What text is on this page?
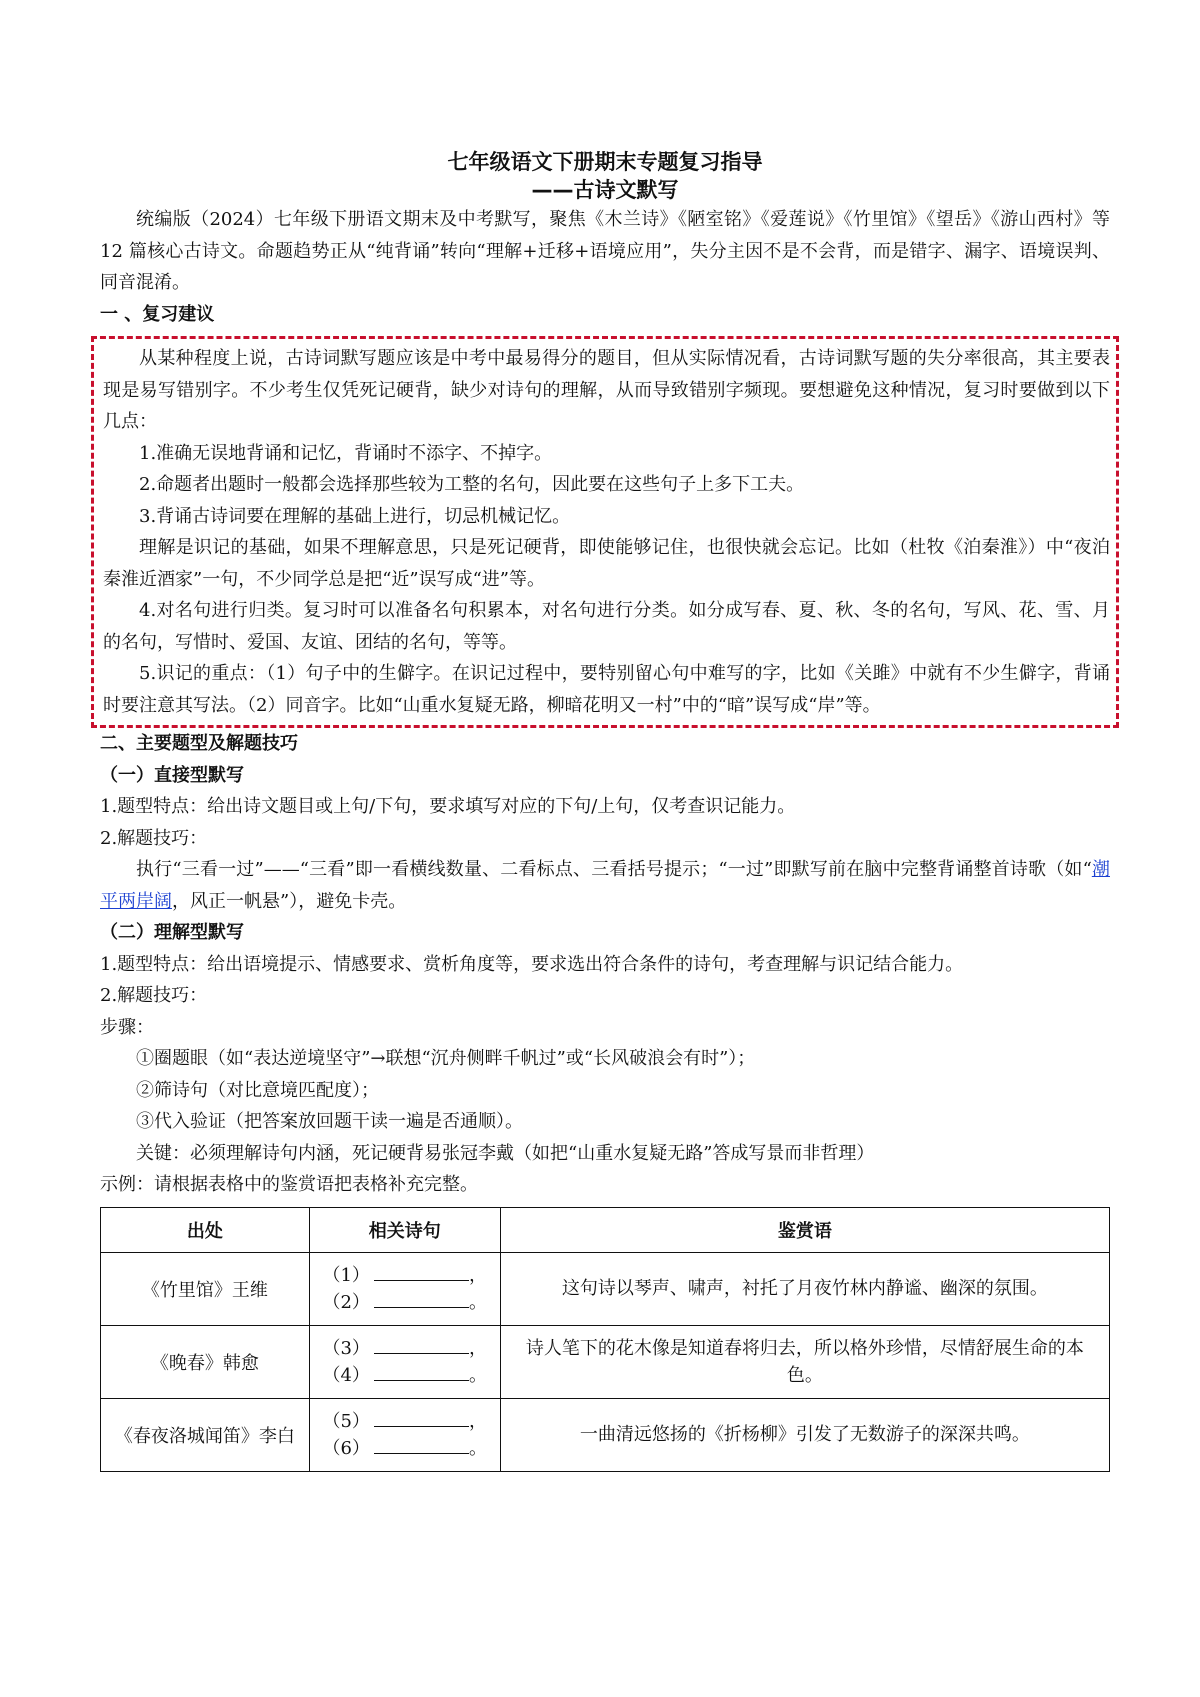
七年级语文下册期末专题复习指导
——古诗文默写

统编版（2024）七年级下册语文期末及中考默写，聚焦《木兰诗》《陋室铭》《爱莲说》《竹里馆》《望岳》《游山西村》等 12 篇核心古诗文。命题趋势正从“纯背诵”转向“理解+迁移+语境应用”，失分主因不是不会背，而是错字、漏字、语境误判、同音混淆。

一 、复习建议

从某种程度上说，古诗词默写题应该是中考中最易得分的题目，但从实际情况看，古诗词默写题的失分率很高，其主要表现是易写错别字。不少考生仅凭死记硬背，缺少对诗句的理解，从而导致错别字频现。要想避免这种情况，复习时要做到以下几点：

1.准确无误地背诵和记忆，背诵时不添字、不掉字。

2.命题者出题时一般都会选择那些较为工整的名句，因此要在这些句子上多下工夫。

3.背诵古诗词要在理解的基础上进行，切忌机械记忆。

理解是识记的基础，如果不理解意思，只是死记硬背，即使能够记住，也很快就会忘记。比如（杜牧《泊秦淮》）中“夜泊秦淮近酒家”一句，不少同学总是把“近”误写成“进”等。

4.对名句进行归类。复习时可以准备名句积累本，对名句进行分类。如分成写春、夏、秋、冬的名句，写风、花、雪、月的名句，写惜时、爱国、友谊、团结的名句，等等。

5.识记的重点：（1）句子中的生僻字。在识记过程中，要特别留心句中难写的字，比如《关雎》中就有不少生僻字，背诵时要注意其写法。（2）同音字。比如“山重水复疑无路，柳暗花明又一村”中的“暗”误写成“岸”等。

二、主要题型及解题技巧

（一）直接型默写

1.题型特点：给出诗文题目或上句/下句，要求填写对应的下句/上句，仅考查识记能力。

2.解题技巧：

执行“三看一过”——“三看”即一看横线数量、二看标点、三看括号提示；“一过”即默写前在脑中完整背诵整首诗歌（如“潮平两岸阔，风正一帆悬”），避免卡壳。

（二）理解型默写

1.题型特点：给出语境提示、情感要求、赏析角度等，要求选出符合条件的诗句，考查理解与识记结合能力。

2.解题技巧：

步骤：

①圈题眼（如“表达逆境坚守”→联想“沉舟侧畔千帆过”或“长风破浪会有时”）；

②筛诗句（对比意境匹配度）；

③代入验证（把答案放回题干读一遍是否通顺）。

关键：必须理解诗句内涵，死记硬背易张冠李戴（如把“山重水复疑无路”答成写景而非哲理）

示例：请根据表格中的鉴赏语把表格补充完整。

出处	相关诗句	鉴赏语
《竹里馆》王维	（1） ，
（2） 。	这句诗以琴声、啸声，衬托了月夜竹林内静谧、幽深的氛围。
《晚春》韩愈	（3） ，
（4） 。	诗人笔下的花木像是知道春将归去，所以格外珍惜，尽情舒展生命的本色。
《春夜洛城闻笛》李白	（5） ，
（6） 。	一曲清远悠扬的《折杨柳》引发了无数游子的深深共鸣。
